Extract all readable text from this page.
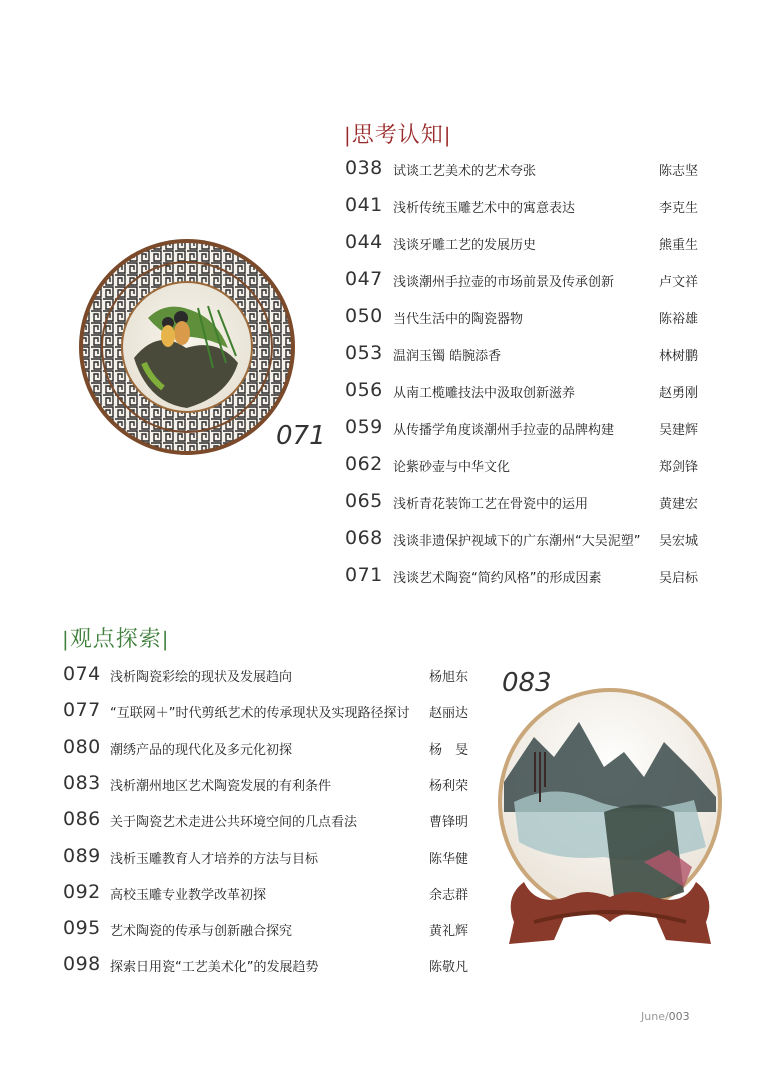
|思考认知|
038 试谈工艺美术的艺术夸张	陈志坚
041 浅析传统玉雕艺术中的寓意表达	李克生
044 浅谈牙雕工艺的发展历史	熊重生
047 浅谈潮州手拉壶的市场前景及传承创新	卢文祥
050 当代生活中的陶瓷器物	陈裕雄
053 温润玉镯 皓腕添香	林树鹏
056 从南工榄雕技法中汲取创新滋养	赵勇刚
059 从传播学角度谈潮州手拉壶的品牌构建	吴建辉
062 论紫砂壶与中华文化	郑剑锋
065 浅析青花装饰工艺在骨瓷中的运用	黄建宏
068 浅谈非遗保护视域下的广东潮州“大吴泥塑” 吴宏城
071 浅谈艺术陶瓷“简约风格”的形成因素	吴启标
071
|观点探索|
074 浅析陶瓷彩绘的现状及发展趋向	杨旭东
077 “互联网＋”时代剪纸艺术的传承现状及实现路径探讨 赵丽达
080 潮绣产品的现代化及多元化初探	杨　旻
083 浅析潮州地区艺术陶瓷发展的有利条件	杨利荣
086 关于陶瓷艺术走进公共环境空间的几点看法	曹锋明
089 浅析玉雕教育人才培养的方法与目标	陈华健
092 高校玉雕专业教学改革初探	余志群
095 艺术陶瓷的传承与创新融合探究	黄礼辉
098 探索日用瓷“工艺美术化”的发展趋势	陈敬凡
083
June/003
